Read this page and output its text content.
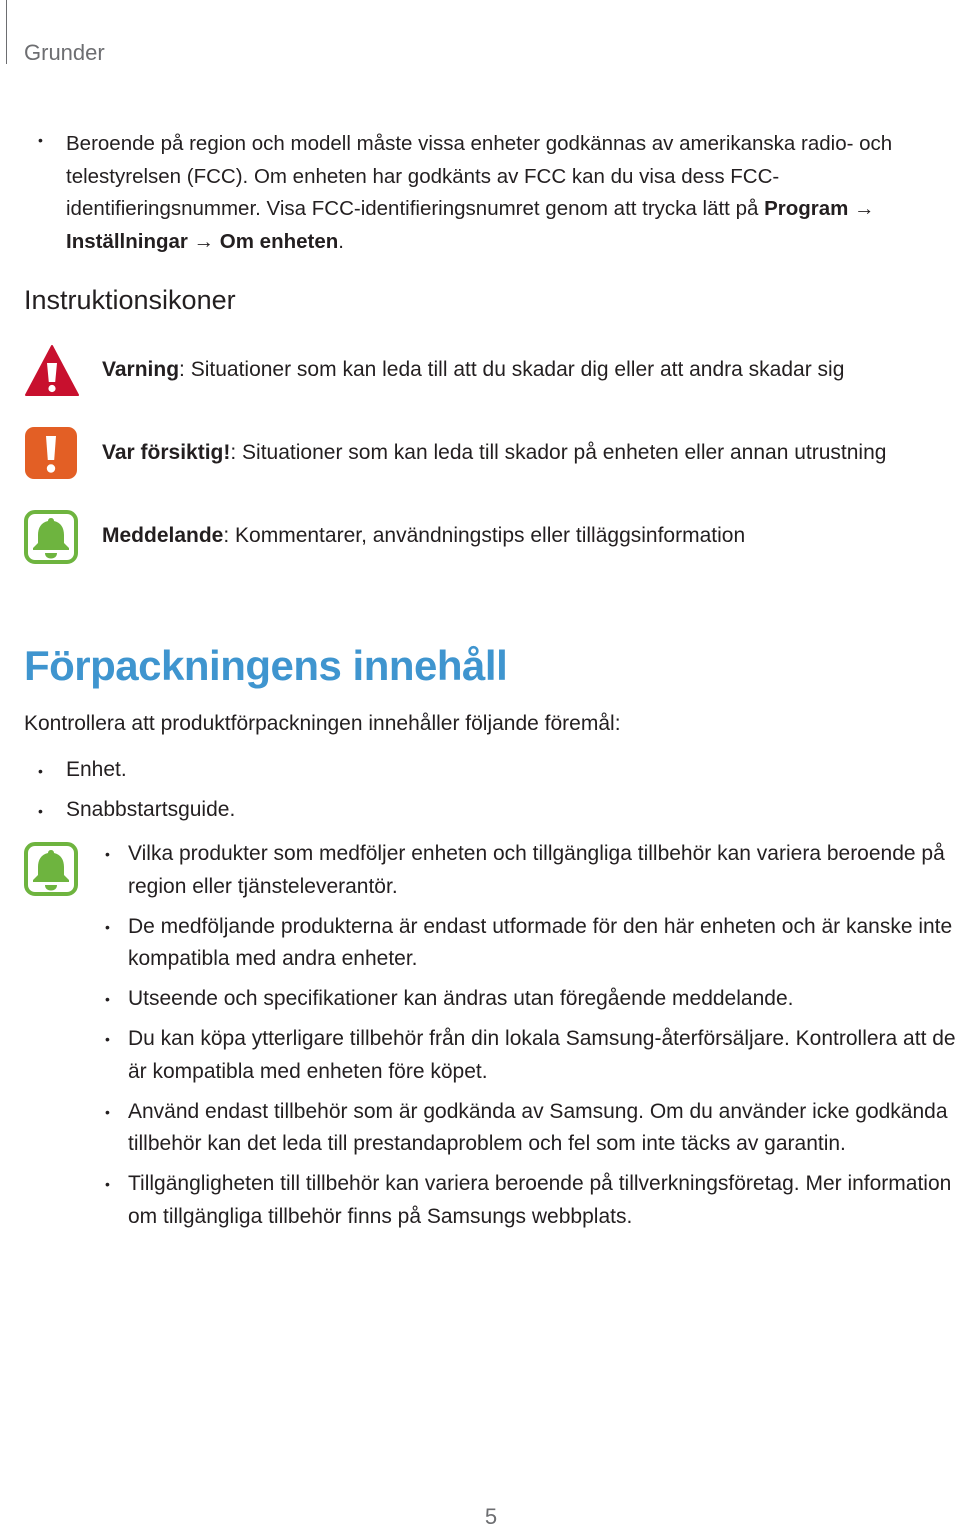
Grunder
• Beroende på region och modell måste vissa enheter godkännas av amerikanska radio- och telestyrelsen (FCC). Om enheten har godkänts av FCC kan du visa dess FCC-identifieringsnummer. Visa FCC-identifieringsnumret genom att trycka lätt på Program → Inställningar → Om enheten.
Instruktionsikoner
Varning: Situationer som kan leda till att du skadar dig eller att andra skadar sig
Var försiktig!: Situationer som kan leda till skador på enheten eller annan utrustning
Meddelande: Kommentarer, användningstips eller tilläggsinformation
Förpackningens innehåll
Kontrollera att produktförpackningen innehåller följande föremål:
• Enhet.
• Snabbstartsguide.
• Vilka produkter som medföljer enheten och tillgängliga tillbehör kan variera beroende på region eller tjänsteleverantör.
• De medföljande produkterna är endast utformade för den här enheten och är kanske inte kompatibla med andra enheter.
• Utseende och specifikationer kan ändras utan föregående meddelande.
• Du kan köpa ytterligare tillbehör från din lokala Samsung-återförsäljare. Kontrollera att de är kompatibla med enheten före köpet.
• Använd endast tillbehör som är godkända av Samsung. Om du använder icke godkända tillbehör kan det leda till prestandaproblem och fel som inte täcks av garantin.
• Tillgängligheten till tillbehör kan variera beroende på tillverkningsföretag. Mer information om tillgängliga tillbehör finns på Samsungs webbplats.
5
